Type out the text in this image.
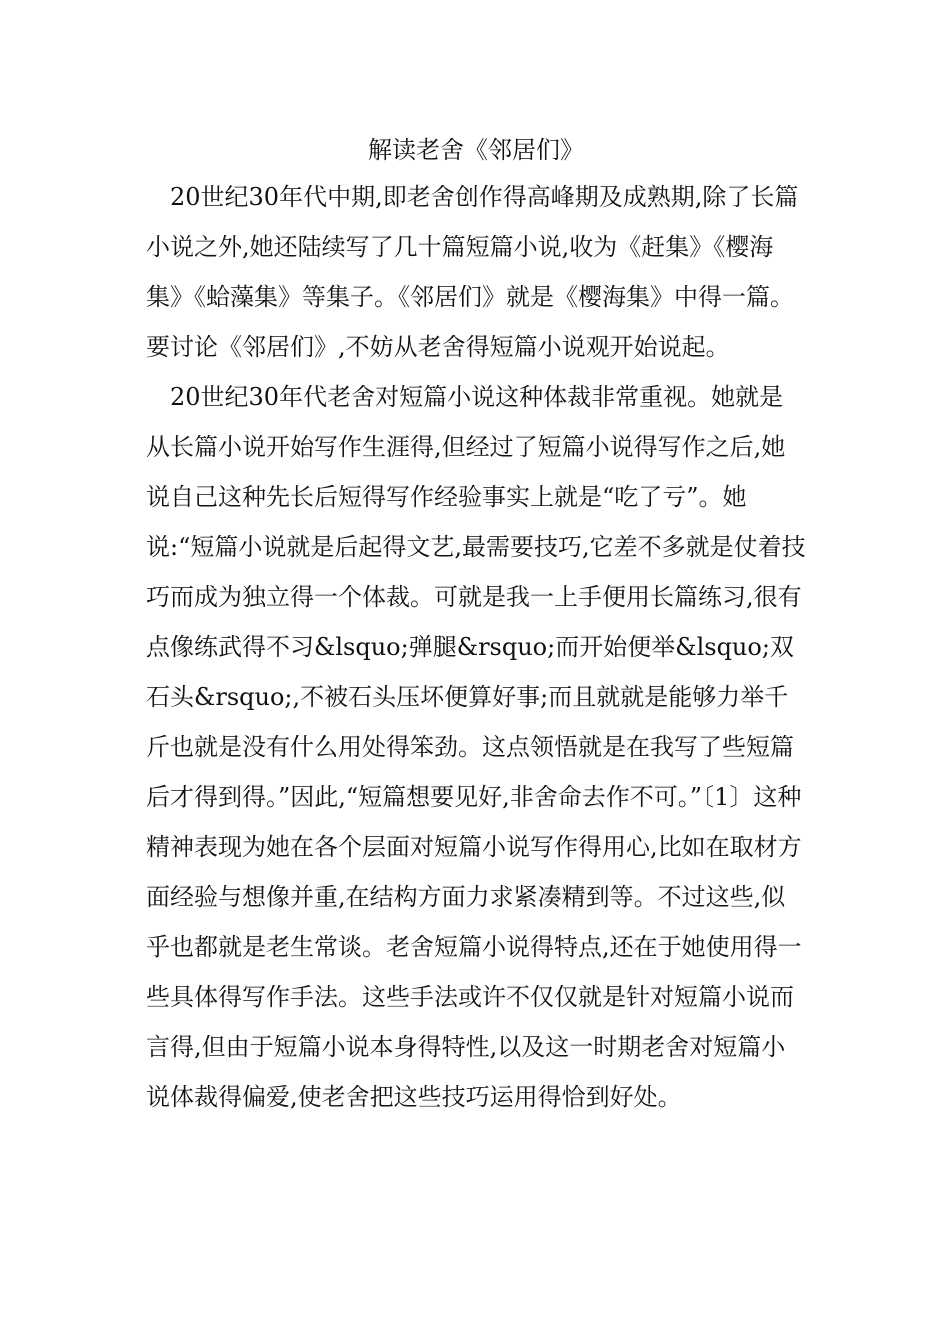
解读老舍《邻居们》

20世纪30年代中期,即老舍创作得高峰期及成熟期,除了长篇小说之外,她还陆续写了几十篇短篇小说,收为《赶集》《樱海集》《蛤藻集》等集子。《邻居们》就是《樱海集》中得一篇。要讨论《邻居们》,不妨从老舍得短篇小说观开始说起。

20世纪30年代老舍对短篇小说这种体裁非常重视。她就是从长篇小说开始写作生涯得,但经过了短篇小说得写作之后,她说自己这种先长后短得写作经验事实上就是“吃了亏”。她说:“短篇小说就是后起得文艺,最需要技巧,它差不多就是仗着技巧而成为独立得一个体裁。可就是我一上手便用长篇练习,很有点像练武得不习&lsquo;弹腿&rsquo;而开始便举&lsquo;双石头&rsquo;,不被石头压坏便算好事;而且就就是能够力举千斤也就是没有什么用处得笨劲。这点领悟就是在我写了些短篇后才得到得。”因此,“短篇想要见好,非舍命去作不可。”〔1〕这种精神表现为她在各个层面对短篇小说写作得用心,比如在取材方面经验与想像并重,在结构方面力求紧凑精到等。不过这些,似乎也都就是老生常谈。老舍短篇小说得特点,还在于她使用得一些具体得写作手法。这些手法或许不仅仅就是针对短篇小说而言得,但由于短篇小说本身得特性,以及这一时期老舍对短篇小说体裁得偏爱,使老舍把这些技巧运用得恰到好处。
